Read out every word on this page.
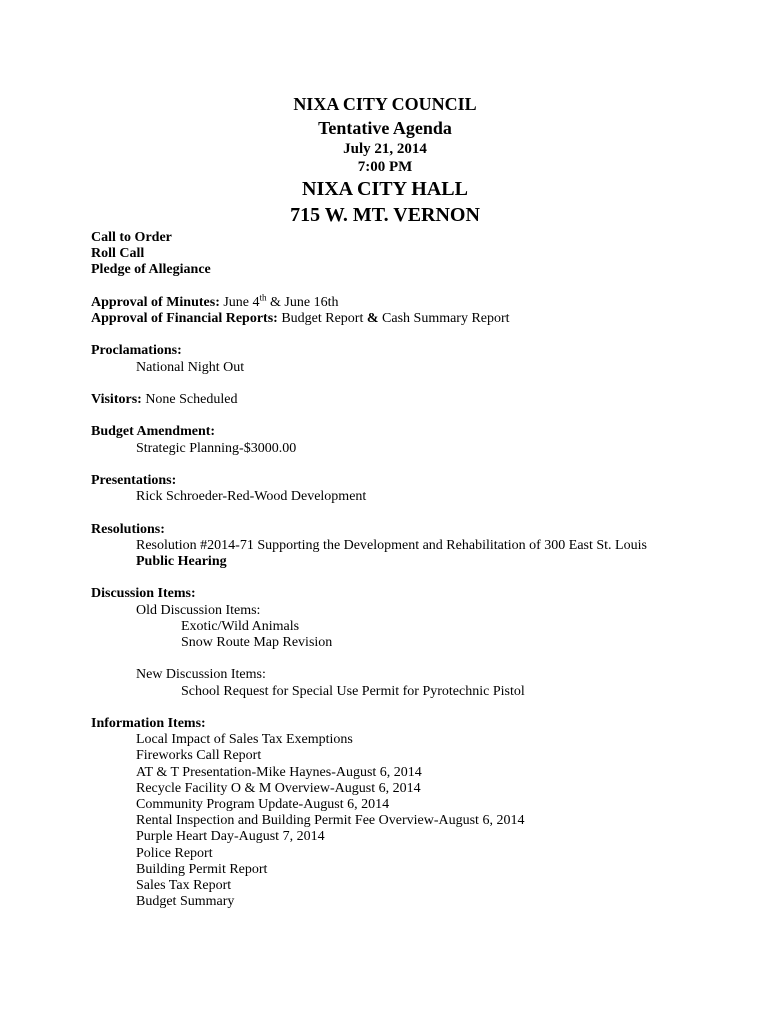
NIXA CITY COUNCIL
Tentative Agenda
July 21, 2014
7:00 PM
NIXA CITY HALL
715 W. MT. VERNON
Call to Order
Roll Call
Pledge of Allegiance
Approval of Minutes: June 4th & June 16th
Approval of Financial Reports: Budget Report & Cash Summary Report
Proclamations:
National Night Out
Visitors: None Scheduled
Budget Amendment:
Strategic Planning-$3000.00
Presentations:
Rick Schroeder-Red-Wood Development
Resolutions:
Resolution #2014-71 Supporting the Development and Rehabilitation of 300 East St. Louis
Public Hearing
Discussion Items:
Old Discussion Items:
Exotic/Wild Animals
Snow Route Map Revision
New Discussion Items:
School Request for Special Use Permit for Pyrotechnic Pistol
Information Items:
Local Impact of Sales Tax Exemptions
Fireworks Call Report
AT & T Presentation-Mike Haynes-August 6, 2014
Recycle Facility O & M Overview-August 6, 2014
Community Program Update-August 6, 2014
Rental Inspection and Building Permit Fee Overview-August 6, 2014
Purple Heart Day-August 7, 2014
Police Report
Building Permit Report
Sales Tax Report
Budget Summary
